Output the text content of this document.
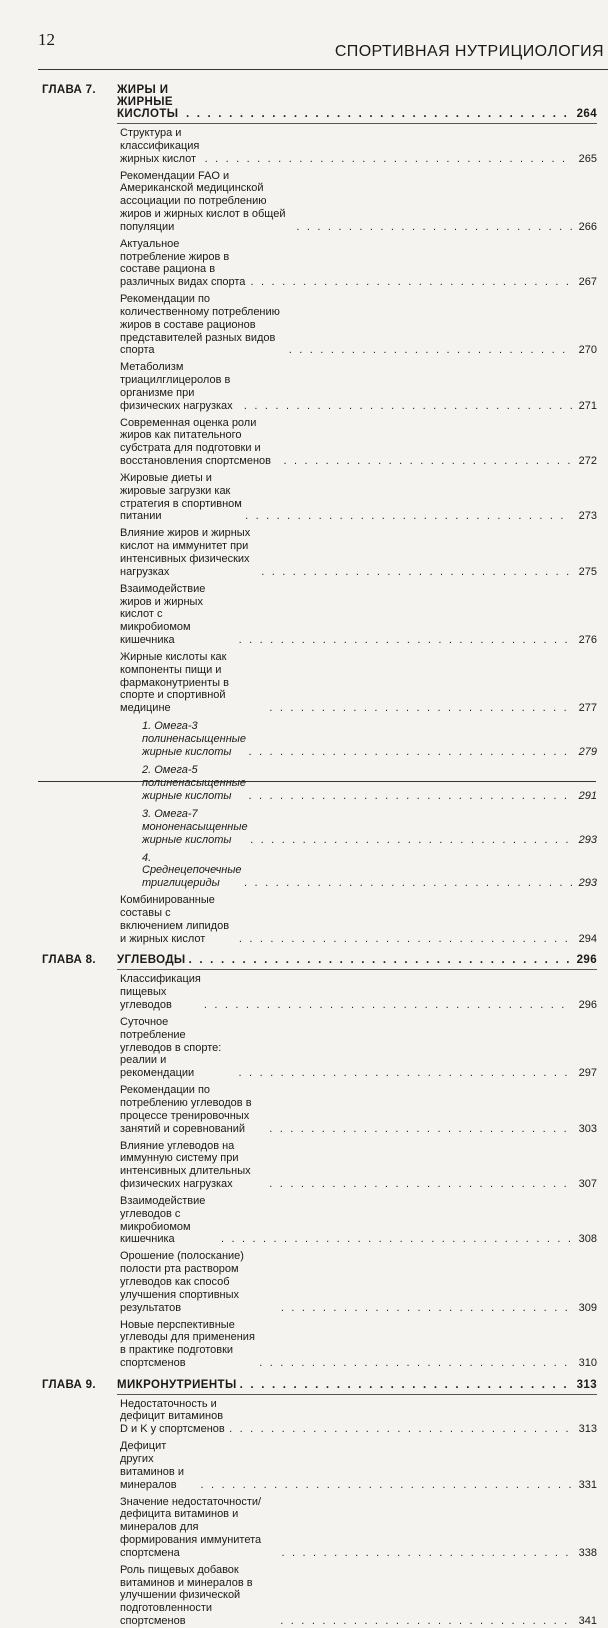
12
СПОРТИВНАЯ НУТРИЦИОЛОГИЯ
ГЛАВА 7.	ЖИРЫ И ЖИРНЫЕ КИСЛОТЫ . . .	264
Структура и классификация жирных кислот . . .	265
Рекомендации FAO и Американской медицинской ассоциации по потреблению жиров и жирных кислот в общей популяции . . .	266
Актуальное потребление жиров в составе рациона в различных видах спорта . . .	267
Рекомендации по количественному потреблению жиров в составе рационов представителей разных видов спорта . . .	270
Метаболизм триацилглицеролов в организме при физических нагрузках . . .	271
Современная оценка роли жиров как питательного субстрата для подготовки и восстановления спортсменов . . .	272
Жировые диеты и жировые загрузки как стратегия в спортивном питании . . .	273
Влияние жиров и жирных кислот на иммунитет при интенсивных физических нагрузках . . .	275
Взаимодействие жиров и жирных кислот с микробиомом кишечника . . .	276
Жирные кислоты как компоненты пищи и фармаконутриенты в спорте и спортивной медицине . . .	277
1. Омега-3 полиненасыщенные жирные кислоты . . .	279
2. Омега-5 полиненасыщенные жирные кислоты . . .	291
3. Омега-7 мононенасыщенные жирные кислоты . . .	293
4. Среднецепочечные триглицериды . . .	293
Комбинированные составы с включением липидов и жирных кислот . . .	294
ГЛАВА 8.	УГЛЕВОДЫ . . .	296
Классификация пищевых углеводов . . .	296
Суточное потребление углеводов в спорте: реалии и рекомендации . . .	297
Рекомендации по потреблению углеводов в процессе тренировочных занятий и соревнований . . .	303
Влияние углеводов на иммунную систему при интенсивных длительных физических нагрузках . . .	307
Взаимодействие углеводов с микробиомом кишечника . . .	308
Орошение (полоскание) полости рта раствором углеводов как способ улучшения спортивных результатов . . .	309
Новые перспективные углеводы для применения в практике подготовки спортсменов . . .	310
ГЛАВА 9.	МИКРОНУТРИЕНТЫ . . .	313
Недостаточность и дефицит витаминов D и K у спортсменов . . .	313
Дефицит других витаминов и минералов . . .	331
Значение недостаточности/дефицита витаминов и минералов для формирования иммунитета спортсмена . . .	338
Роль пищевых добавок витаминов и минералов в улучшении физической подготовленности спортсменов . . .	341
